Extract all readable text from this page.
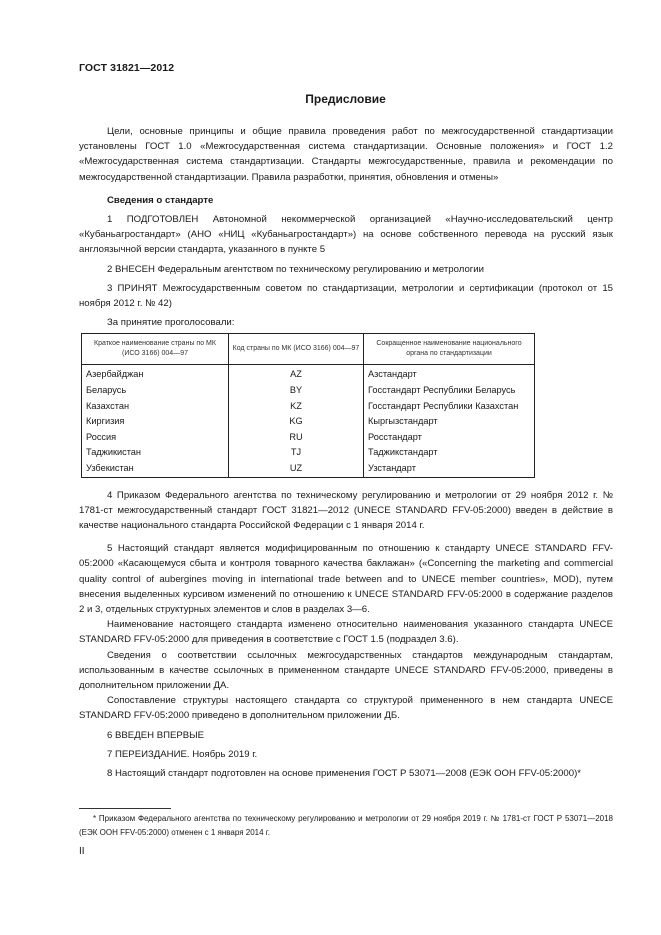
ГОСТ 31821—2012
Предисловие

Цели, основные принципы и общие правила проведения работ по межгосударственной стандартизации установлены ГОСТ 1.0 «Межгосударственная система стандартизации. Основные положения» и ГОСТ 1.2 «Межгосударственная система стандартизации. Стандарты межгосударственные, правила и рекомендации по межгосударственной стандартизации. Правила разработки, принятия, обновления и отмены»

Сведения о стандарте

1 ПОДГОТОВЛЕН Автономной некоммерческой организацией «Научно-исследовательский центр «Кубаньагростандарт» (АНО «НИЦ «Кубаньагростандарт») на основе собственного перевода на русский язык англоязычной версии стандарта, указанного в пункте 5

2 ВНЕСЕН Федеральным агентством по техническому регулированию и метрологии

3 ПРИНЯТ Межгосударственным советом по стандартизации, метрологии и сертификации (протокол от 15 ноября 2012 г. № 42)

За принятие проголосовали:

Краткое наименование страны по МК (ИСО 3166) 004—97	Код страны по МК (ИСО 3166) 004—97	Сокращенное наименование национального органа по стандартизации
Азербайджан	AZ	Азстандарт
Беларусь	BY	Госстандарт Республики Беларусь
Казахстан	KZ	Госстандарт Республики Казахстан
Киргизия	KG	Кыргызстандарт
Россия	RU	Росстандарт
Таджикистан	TJ	Таджикстандарт
Узбекистан	UZ	Узстандарт

4 Приказом Федерального агентства по техническому регулированию и метрологии от 29 ноября 2012 г. № 1781-ст межгосударственный стандарт ГОСТ 31821—2012 (UNECE STANDARD FFV-05:2000) введен в действие в качестве национального стандарта Российской Федерации с 1 января 2014 г.

5 Настоящий стандарт является модифицированным по отношению к стандарту UNECE STANDARD FFV-05:2000 «Касающемуся сбыта и контроля товарного качества баклажан» («Concerning the marketing and commercial quality control of aubergines moving in international trade between and to UNECE member countries», MOD), путем внесения выделенных курсивом изменений по отношению к UNECE STANDARD FFV-05:2000 в содержание разделов 2 и 3, отдельных структурных элементов и слов в разделах 3—6.

Наименование настоящего стандарта изменено относительно наименования указанного стандарта UNECE STANDARD FFV-05:2000 для приведения в соответствие с ГОСТ 1.5 (подраздел 3.6).

Сведения о соответствии ссылочных межгосударственных стандартов международным стандартам, использованным в качестве ссылочных в примененном стандарте UNECE STANDARD FFV-05:2000, приведены в дополнительном приложении ДА.

Сопоставление структуры настоящего стандарта со структурой примененного в нем стандарта UNECE STANDARD FFV-05:2000 приведено в дополнительном приложении ДБ.

6 ВВЕДЕН ВПЕРВЫЕ

7 ПЕРЕИЗДАНИЕ. Ноябрь 2019 г.

8 Настоящий стандарт подготовлен на основе применения ГОСТ Р 53071—2008 (ЕЭК ООН FFV-05:2000)*

* Приказом Федерального агентства по техническому регулированию и метрологии от 29 ноября 2019 г. № 1781-ст ГОСТ Р 53071—2018 (ЕЭК ООН FFV-05:2000) отменен с 1 января 2014 г.

II
